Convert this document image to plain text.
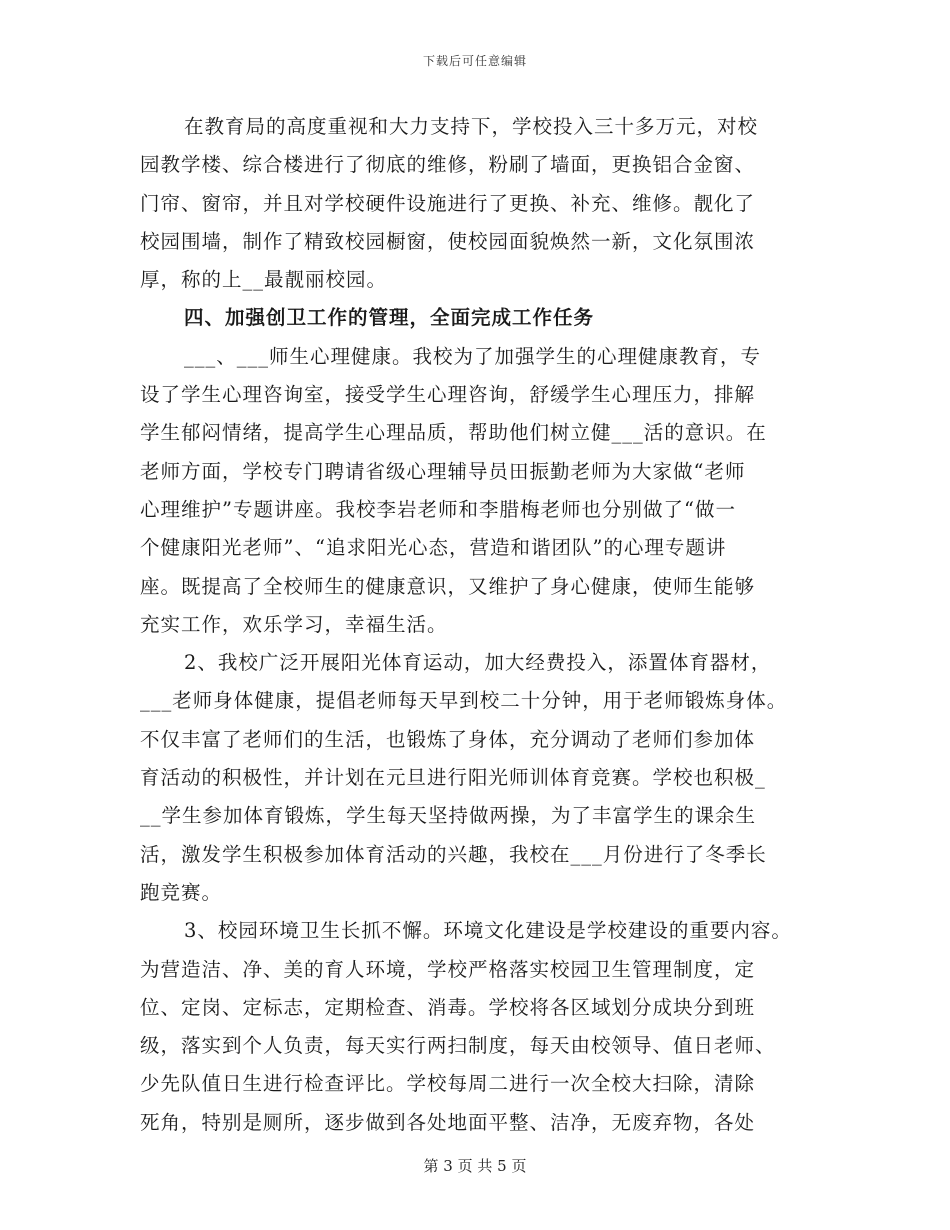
下载后可任意编辑
在教育局的高度重视和大力支持下，学校投入三十多万元，对校
园教学楼、综合楼进行了彻底的维修，粉刷了墙面，更换铝合金窗、
门帘、窗帘，并且对学校硬件设施进行了更换、补充、维修。靓化了
校园围墙，制作了精致校园橱窗，使校园面貌焕然一新，文化氛围浓
厚，称的上__最靓丽校园。
四、加强创卫工作的管理，全面完成工作任务
___、___师生心理健康。我校为了加强学生的心理健康教育，专
设了学生心理咨询室，接受学生心理咨询，舒缓学生心理压力，排解
学生郁闷情绪，提高学生心理品质，帮助他们树立健___活的意识。在
老师方面，学校专门聘请省级心理辅导员田振勤老师为大家做“老师
心理维护”专题讲座。我校李岩老师和李腊梅老师也分别做了“做一
个健康阳光老师”、“追求阳光心态，营造和谐团队”的心理专题讲
座。既提高了全校师生的健康意识，又维护了身心健康，使师生能够
充实工作，欢乐学习，幸福生活。
2、我校广泛开展阳光体育运动，加大经费投入，添置体育器材，
___老师身体健康，提倡老师每天早到校二十分钟，用于老师锻炼身体。
不仅丰富了老师们的生活，也锻炼了身体，充分调动了老师们参加体
育活动的积极性，并计划在元旦进行阳光师训体育竞赛。学校也积极_
__学生参加体育锻炼，学生每天坚持做两操，为了丰富学生的课余生
活，激发学生积极参加体育活动的兴趣，我校在___月份进行了冬季长
跑竞赛。
3、校园环境卫生长抓不懈。环境文化建设是学校建设的重要内容。
为营造洁、净、美的育人环境，学校严格落实校园卫生管理制度，定
位、定岗、定标志，定期检查、消毒。学校将各区域划分成块分到班
级，落实到个人负责，每天实行两扫制度，每天由校领导、值日老师、
少先队值日生进行检查评比。学校每周二进行一次全校大扫除，清除
死角，特别是厕所，逐步做到各处地面平整、洁净，无废弃物，各处
第 3 页 共 5 页
